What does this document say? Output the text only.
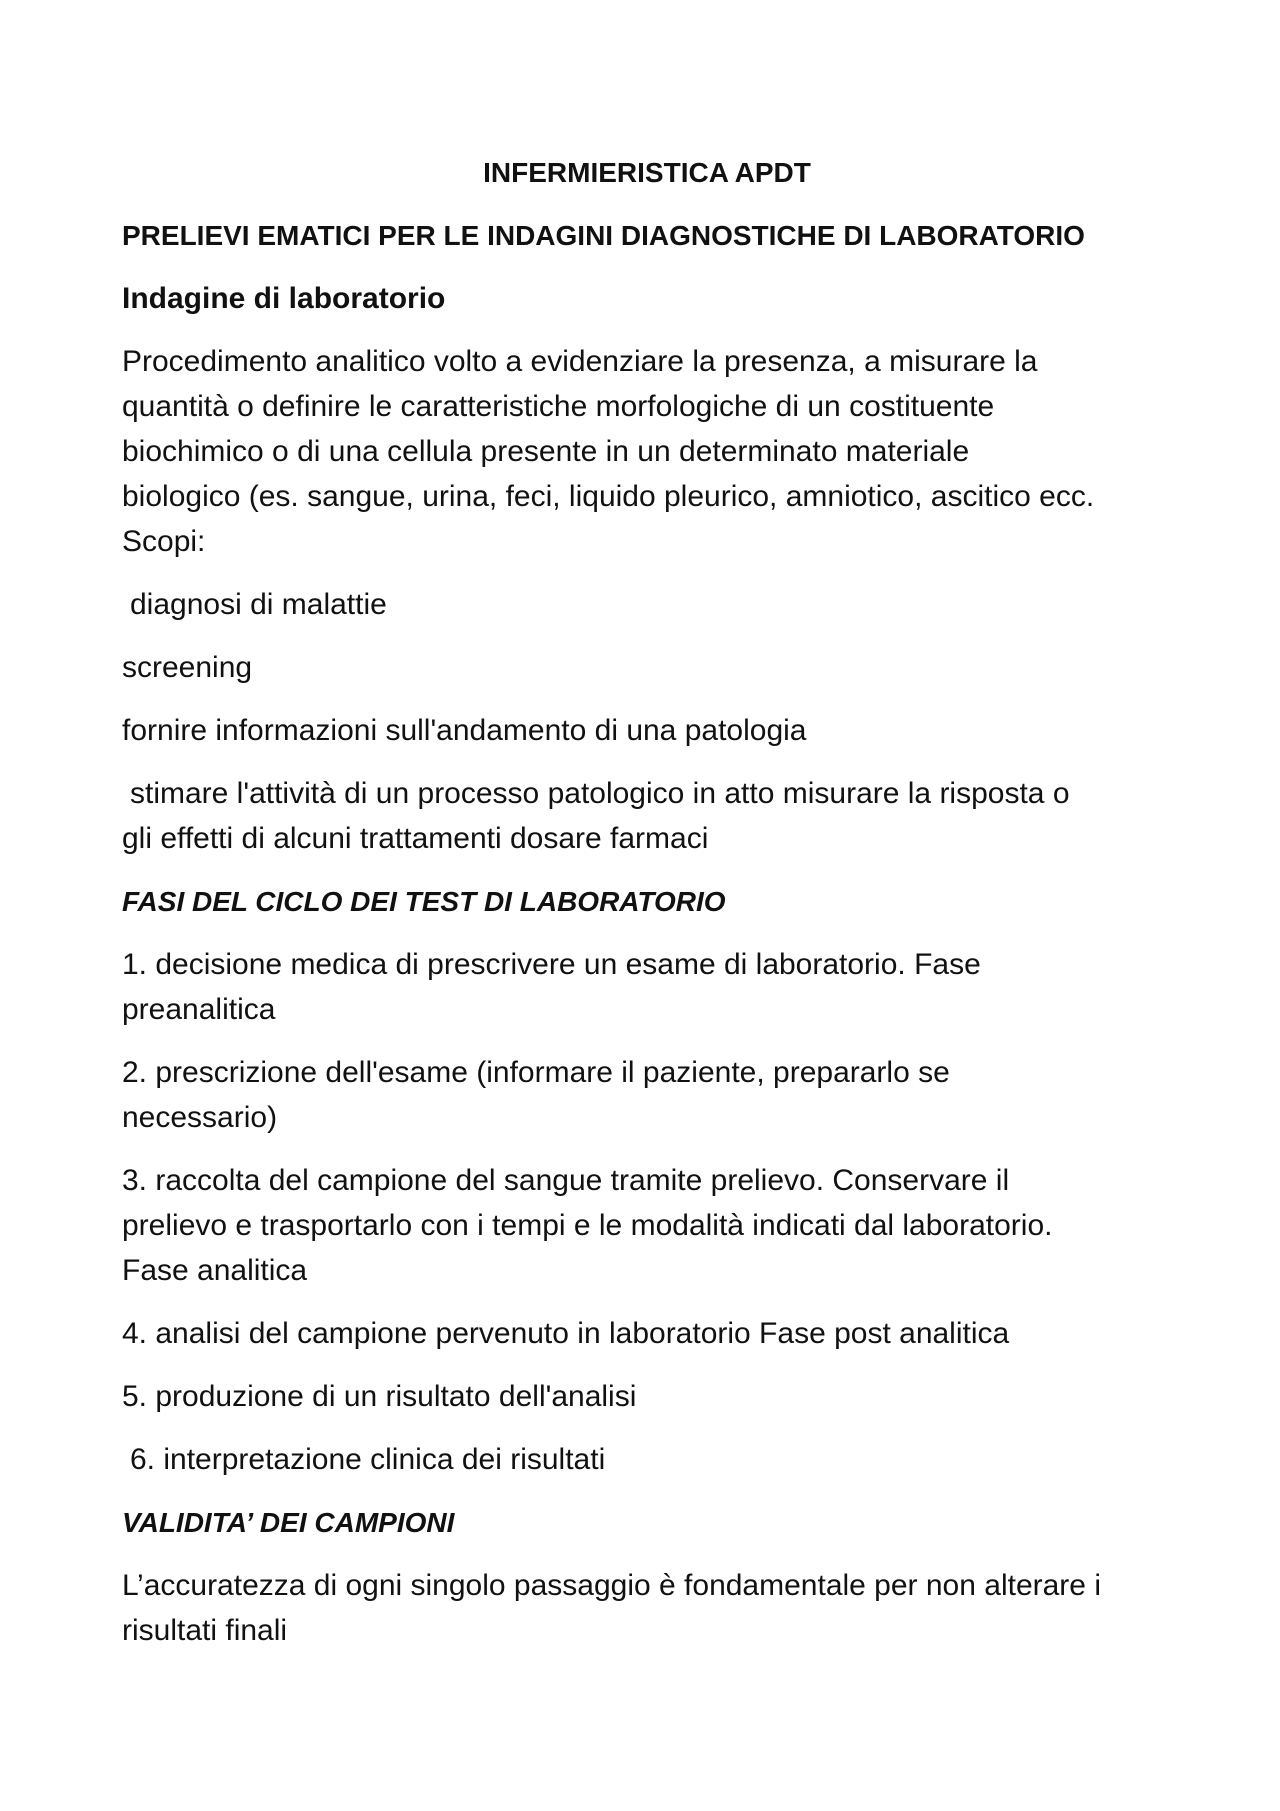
INFERMIERISTICA APDT
PRELIEVI EMATICI PER LE INDAGINI DIAGNOSTICHE DI LABORATORIO
Indagine di laboratorio
Procedimento analitico volto a evidenziare la presenza, a misurare la
quantità o definire le caratteristiche morfologiche di un costituente
biochimico o di una cellula presente in un determinato materiale
biologico (es. sangue, urina, feci, liquido pleurico, amniotico, ascitico ecc.
Scopi:
diagnosi di malattie
screening
fornire informazioni sull'andamento di una patologia
stimare l'attività di un processo patologico in atto misurare la risposta o
gli effetti di alcuni trattamenti dosare farmaci
FASI DEL CICLO DEI TEST DI LABORATORIO
1. decisione medica di prescrivere un esame di laboratorio. Fase
preanalitica
2. prescrizione dell'esame (informare il paziente, prepararlo se
necessario)
3. raccolta del campione del sangue tramite prelievo. Conservare il
prelievo e trasportarlo con i tempi e le modalità indicati dal laboratorio.
Fase analitica
4. analisi del campione pervenuto in laboratorio Fase post analitica
5. produzione di un risultato dell'analisi
6. interpretazione clinica dei risultati
VALIDITA’ DEI CAMPIONI
L’accuratezza di ogni singolo passaggio è fondamentale per non alterare i
risultati finali
